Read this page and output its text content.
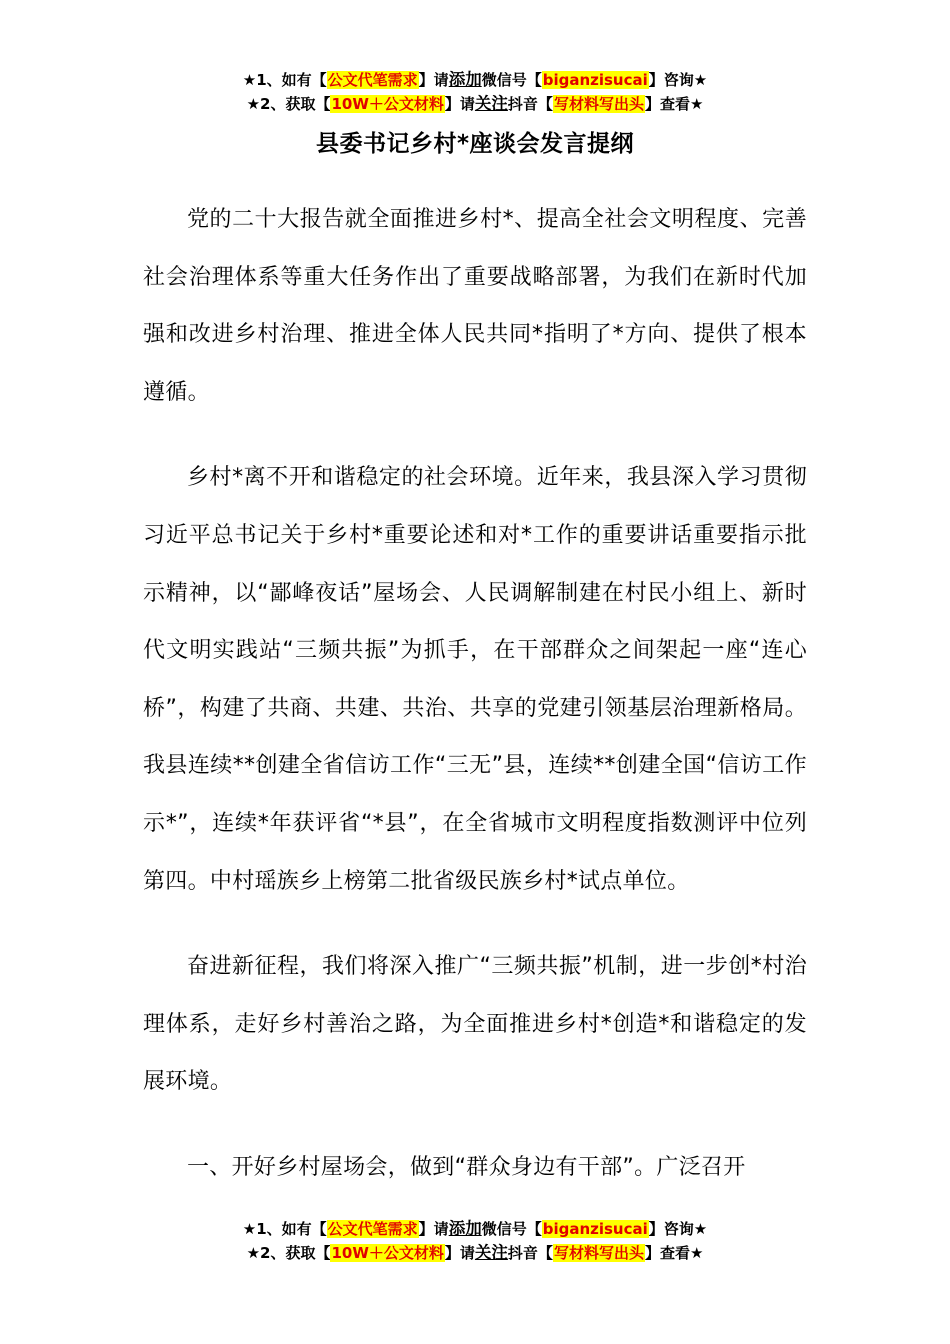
★1、如有【公文代笔需求】请添加微信号【biganzisucai】咨询★
★2、获取【10W＋公文材料】请关注抖音【写材料写出头】查看★
县委书记乡村*座谈会发言提纲

党的二十大报告就全面推进乡村*、提高全社会文明程度、完善社会治理体系等重大任务作出了重要战略部署，为我们在新时代加强和改进乡村治理、推进全体人民共同*指明了*方向、提供了根本遵循。

乡村*离不开和谐稳定的社会环境。近年来，我县深入学习贯彻习近平总书记关于乡村*重要论述和对*工作的重要讲话重要指示批示精神，以“鄙峰夜话”屋场会、人民调解制建在村民小组上、新时代文明实践站“三频共振”为抓手，在干部群众之间架起一座“连心桥”，构建了共商、共建、共治、共享的党建引领基层治理新格局。我县连续**创建全省信访工作“三无”县，连续**创建全国“信访工作示*”，连续*年获评省“*县”，在全省城市文明程度指数测评中位列第四。中村瑶族乡上榜第二批省级民族乡村*试点单位。

奋进新征程，我们将深入推广“三频共振”机制，进一步创*村治理体系，走好乡村善治之路，为全面推进乡村*创造*和谐稳定的发展环境。

一、开好乡村屋场会，做到“群众身边有干部”。广泛召开

★1、如有【公文代笔需求】请添加微信号【biganzisucai】咨询★
★2、获取【10W＋公文材料】请关注抖音【写材料写出头】查看★
